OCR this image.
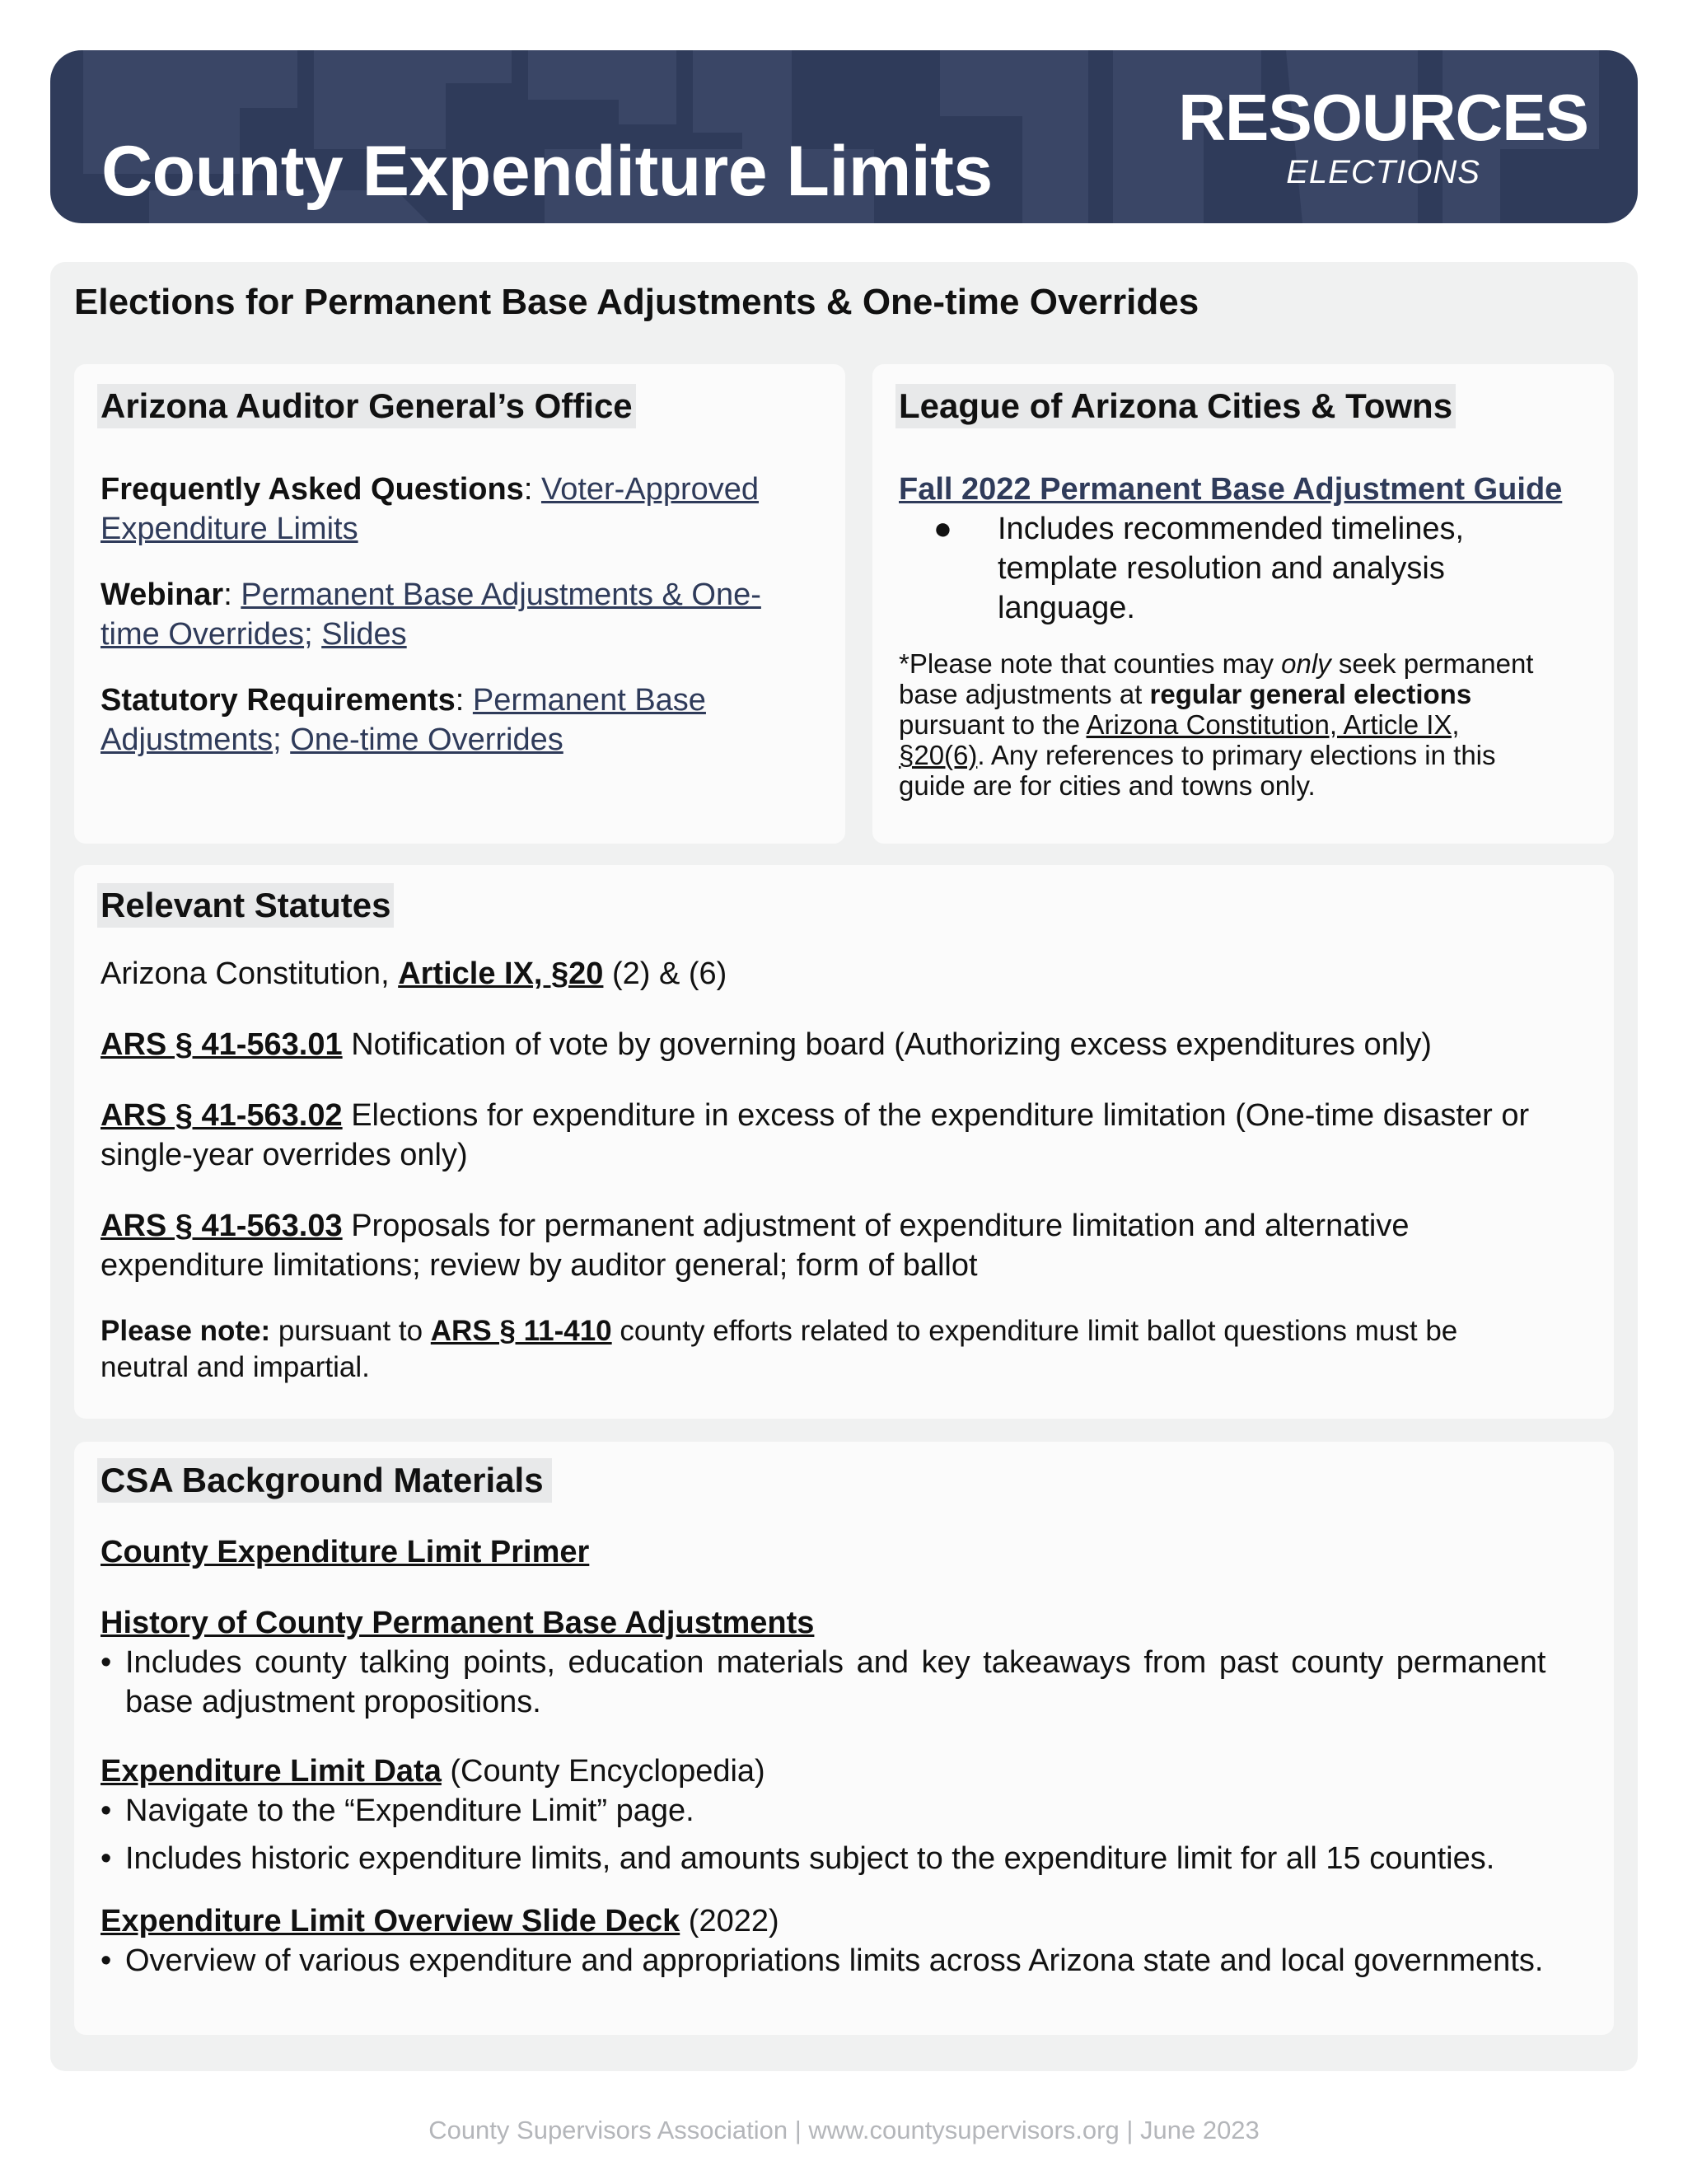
County Expenditure Limits
RESOURCES
ELECTIONS
Elections for Permanent Base Adjustments & One-time Overrides
Arizona Auditor General’s Office
Frequently Asked Questions: Voter-Approved
Expenditure Limits
Webinar: Permanent Base Adjustments & One-
time Overrides; Slides
Statutory Requirements: Permanent Base
Adjustments; One-time Overrides
League of Arizona Cities & Towns
Fall 2022 Permanent Base Adjustment Guide
●	Includes recommended timelines,
template resolution and analysis
language.
*Please note that counties may only seek permanent
base adjustments at regular general elections
pursuant to the Arizona Constitution, Article IX,
§20(6). Any references to primary elections in this
guide are for cities and towns only.
Relevant Statutes
Arizona Constitution, Article IX, §20 (2) & (6)
ARS § 41-563.01 Notification of vote by governing board (Authorizing excess expenditures only)
ARS § 41-563.02 Elections for expenditure in excess of the expenditure limitation (One-time disaster or
single-year overrides only)
ARS § 41-563.03 Proposals for permanent adjustment of expenditure limitation and alternative
expenditure limitations; review by auditor general; form of ballot
Please note: pursuant to ARS § 11-410 county efforts related to expenditure limit ballot questions must be
neutral and impartial.
CSA Background Materials
County Expenditure Limit Primer
History of County Permanent Base Adjustments
• Includes county talking points, education materials and key takeaways from past county permanent
base adjustment propositions.
Expenditure Limit Data (County Encyclopedia)
• Navigate to the “Expenditure Limit” page.
• Includes historic expenditure limits, and amounts subject to the expenditure limit for all 15 counties.
Expenditure Limit Overview Slide Deck (2022)
• Overview of various expenditure and appropriations limits across Arizona state and local governments.
County Supervisors Association | www.countysupervisors.org | June 2023
